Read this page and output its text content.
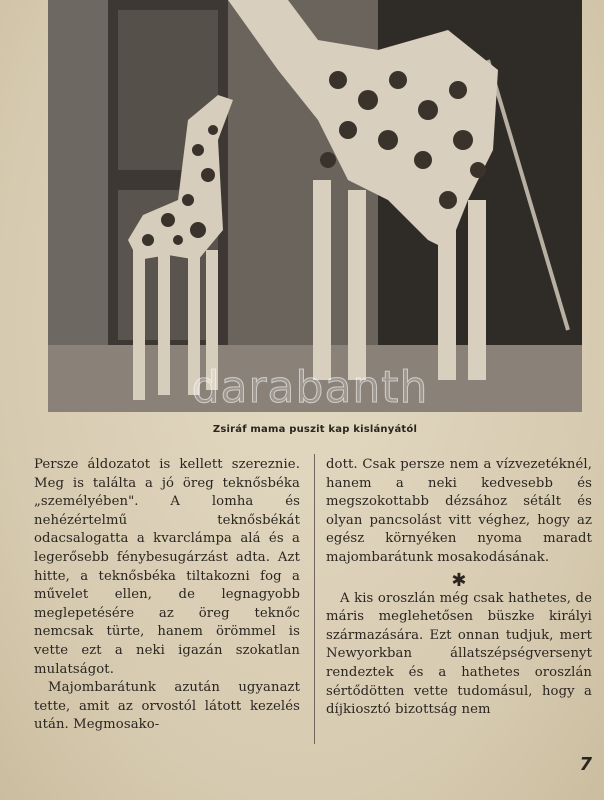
darabanth
Zsiráf mama puszit kap kislányától

Persze áldozatot is kellett szereznie. Meg is találta a jó öreg teknősbéka „személyében". A lomha és nehézértelmű teknősbékát odacsalogatta a kvarclámpa alá és a legerősebb fénybesugárzást adta. Azt hitte, a teknősbéka tiltakozni fog a művelet ellen, de legnagyobb meglepetésére az öreg teknőc nemcsak türte, hanem örömmel is vette ezt a neki igazán szokatlan mulatságot.

Majombarátunk azután ugyanazt tette, amit az orvostól látott kezelés után. Megmosako-

dott. Csak persze nem a vízvezetéknél, hanem a neki kedvesebb és megszokottabb dézsához sétált és olyan pancsolást vitt véghez, hogy az egész környéken nyoma maradt majombarátunk mosakodásának.

✱

A kis oroszlán még csak hathetes, de máris meglehetősen büszke királyi származására. Ezt onnan tudjuk, mert Newyorkban állatszépségversenyt rendeztek és a hathetes oroszlán sértődötten vette tudomásul, hogy a díjkiosztó bizottság nem

7
